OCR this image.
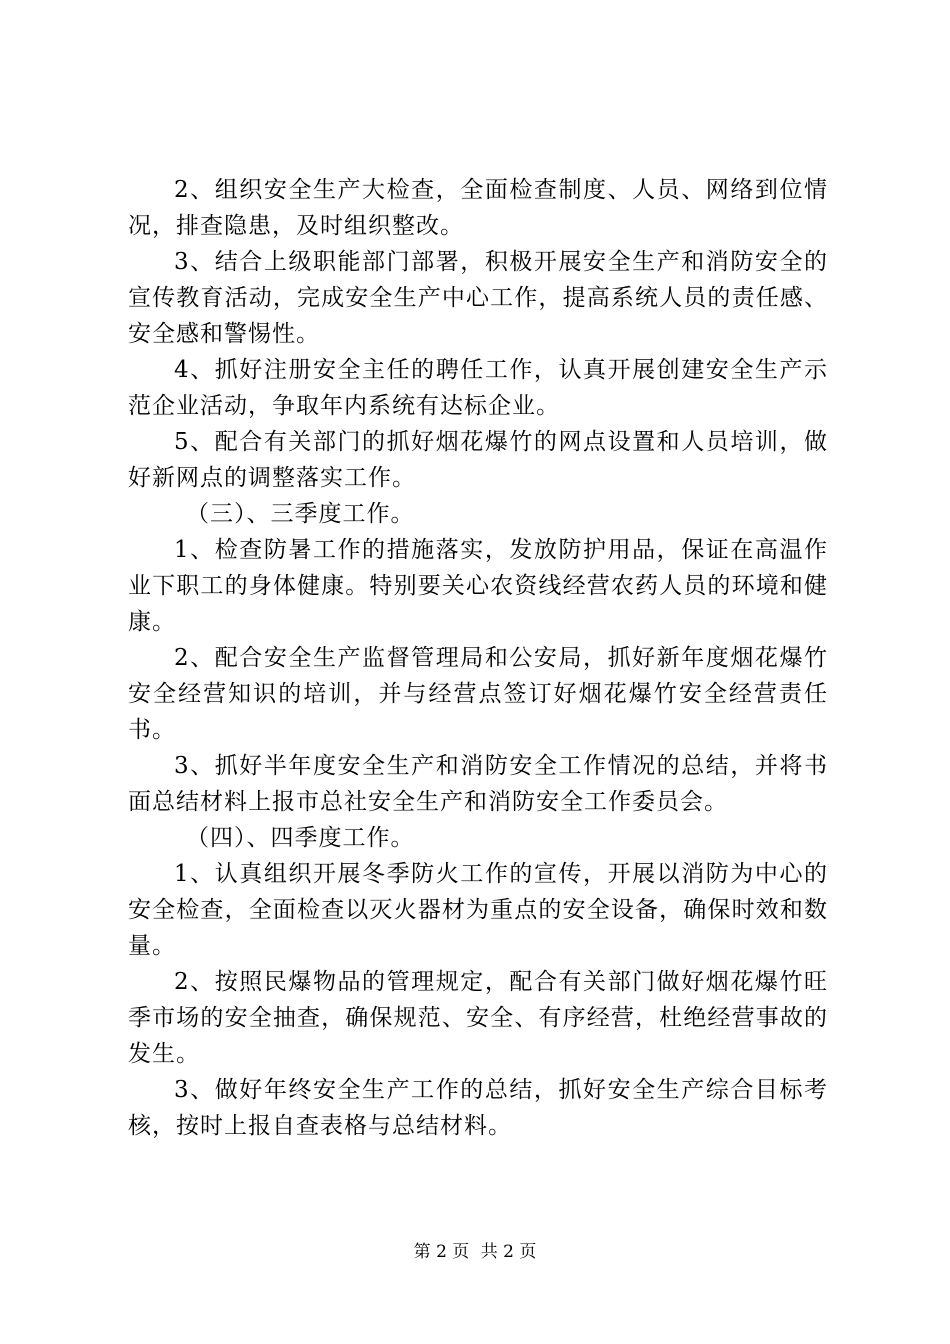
2、组织安全生产大检查，全面检查制度、人员、网络到位情况，排查隐患，及时组织整改。

3、结合上级职能部门部署，积极开展安全生产和消防安全的宣传教育活动，完成安全生产中心工作，提高系统人员的责任感、安全感和警惕性。

4、抓好注册安全主任的聘任工作，认真开展创建安全生产示范企业活动，争取年内系统有达标企业。

5、配合有关部门的抓好烟花爆竹的网点设置和人员培训，做好新网点的调整落实工作。

（三）、三季度工作。

1、检查防暑工作的措施落实，发放防护用品，保证在高温作业下职工的身体健康。特别要关心农资线经营农药人员的环境和健康。

2、配合安全生产监督管理局和公安局，抓好新年度烟花爆竹安全经营知识的培训，并与经营点签订好烟花爆竹安全经营责任书。

3、抓好半年度安全生产和消防安全工作情况的总结，并将书面总结材料上报市总社安全生产和消防安全工作委员会。

（四）、四季度工作。

1、认真组织开展冬季防火工作的宣传，开展以消防为中心的安全检查，全面检查以灭火器材为重点的安全设备，确保时效和数量。

2、按照民爆物品的管理规定，配合有关部门做好烟花爆竹旺季市场的安全抽查，确保规范、安全、有序经营，杜绝经营事故的发生。

3、做好年终安全生产工作的总结，抓好安全生产综合目标考核，按时上报自查表格与总结材料。

第 2 页 共 2 页
